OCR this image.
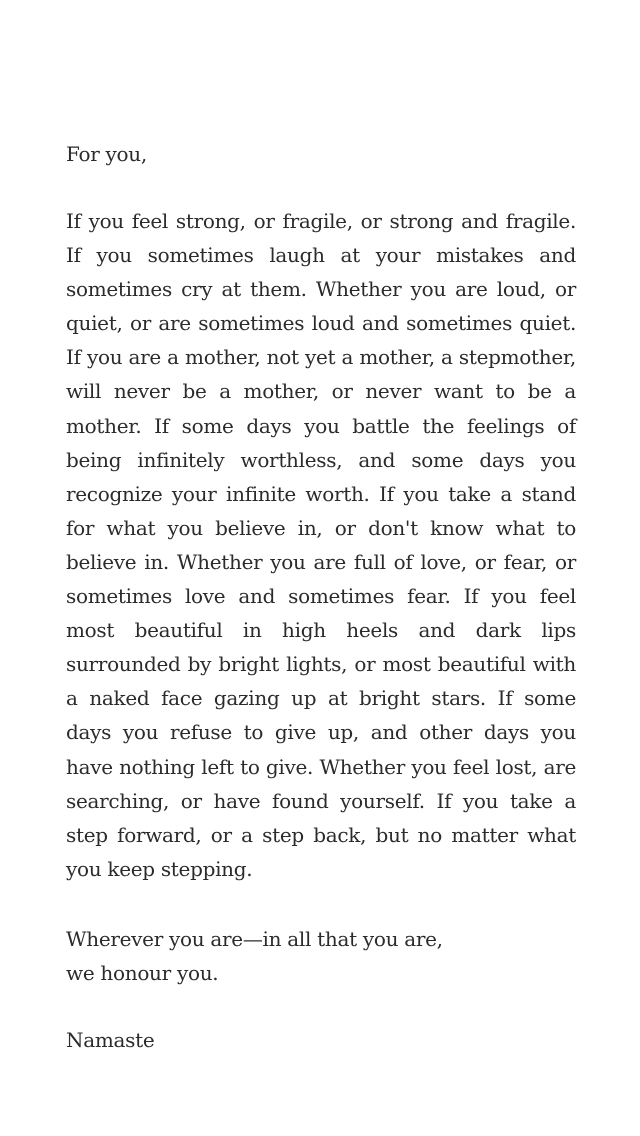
For you,
If you feel strong, or fragile, or strong and fragile. If you sometimes laugh at your mistakes and sometimes cry at them. Whether you are loud, or quiet, or are sometimes loud and sometimes quiet. If you are a mother, not yet a mother, a stepmother, will never be a mother, or never want to be a mother. If some days you battle the feelings of being infinitely worthless, and some days you recognize your infinite worth. If you take a stand for what you believe in, or don't know what to believe in. Whether you are full of love, or fear, or sometimes love and sometimes fear. If you feel most beautiful in high heels and dark lips surrounded by bright lights, or most beautiful with a naked face gazing up at bright stars. If some days you refuse to give up, and other days you have nothing left to give. Whether you feel lost, are searching, or have found yourself. If you take a step forward, or a step back, but no matter what you keep stepping.
Wherever you are—in all that you are,
we honour you.
Namaste
